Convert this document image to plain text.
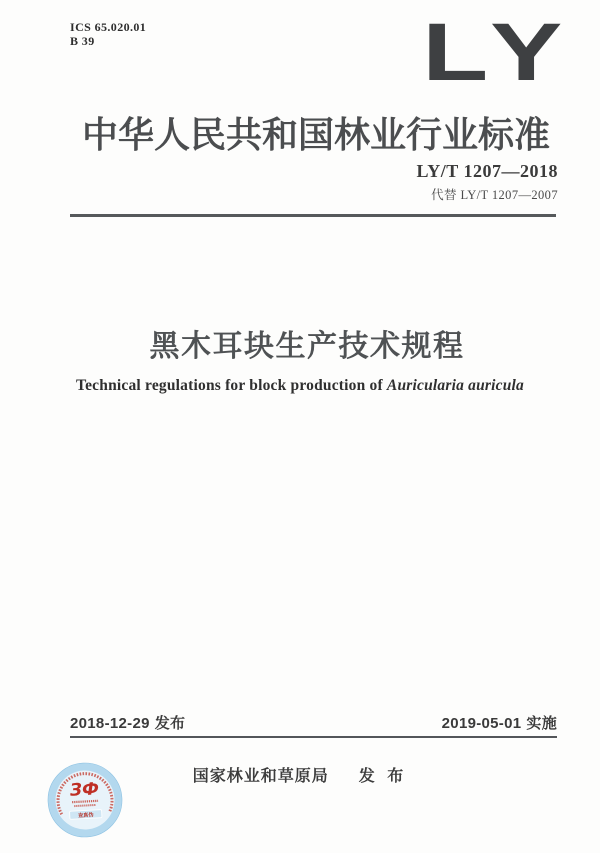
ICS 65.020.01
B 39	LY
中华人民共和国林业行业标准
LY/T 1207—2018
代替 LY/T 1207—2007
黑木耳块生产技术规程
Technical regulations for block production of Auricularia auricula
2018-12-29 发布	2019-05-01 实施
国家林业和草原局 发 布
ЗФ
查真伪
